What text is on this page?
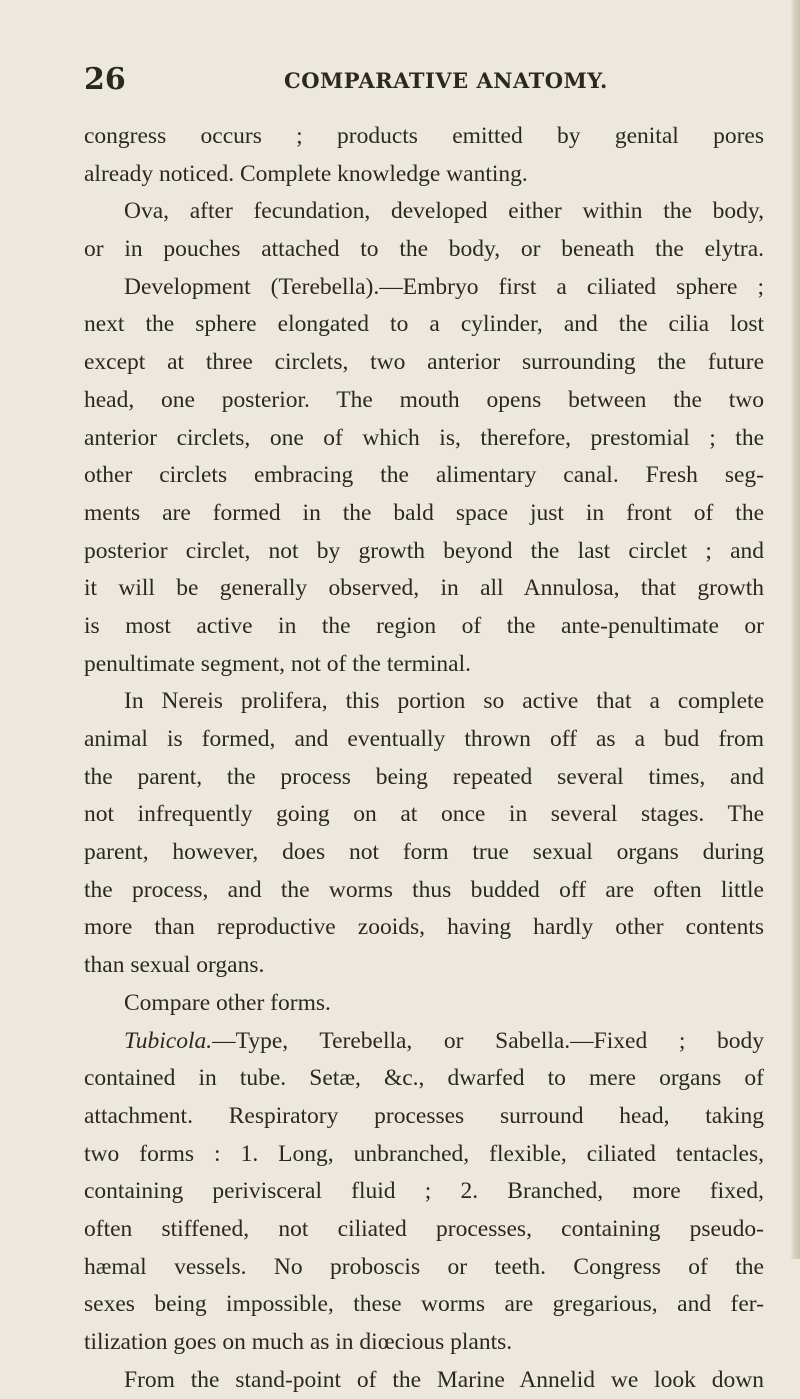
26	COMPARATIVE ANATOMY.
congress occurs ; products emitted by genital pores
already noticed. Complete knowledge wanting.
Ova, after fecundation, developed either within the body,
or in pouches attached to the body, or beneath the elytra.
Development (Terebella).—Embryo first a ciliated sphere ;
next the sphere elongated to a cylinder, and the cilia lost
except at three circlets, two anterior surrounding the future
head, one posterior. The mouth opens between the two
anterior circlets, one of which is, therefore, prestomial ; the
other circlets embracing the alimentary canal. Fresh seg-
ments are formed in the bald space just in front of the
posterior circlet, not by growth beyond the last circlet ; and
it will be generally observed, in all Annulosa, that growth
is most active in the region of the ante-penultimate or
penultimate segment, not of the terminal.
In Nereis prolifera, this portion so active that a complete
animal is formed, and eventually thrown off as a bud from
the parent, the process being repeated several times, and
not infrequently going on at once in several stages. The
parent, however, does not form true sexual organs during
the process, and the worms thus budded off are often little
more than reproductive zooids, having hardly other contents
than sexual organs.
Compare other forms.
Tubicola.—Type, Terebella, or Sabella.—Fixed ; body
contained in tube. Setæ, &c., dwarfed to mere organs of
attachment. Respiratory processes surround head, taking
two forms : 1. Long, unbranched, flexible, ciliated tentacles,
containing perivisceral fluid ; 2. Branched, more fixed,
often stiffened, not ciliated processes, containing pseudo-
hæmal vessels. No proboscis or teeth. Congress of the
sexes being impossible, these worms are gregarious, and fer-
tilization goes on much as in diœcious plants.
From the stand-point of the Marine Annelid we look down
